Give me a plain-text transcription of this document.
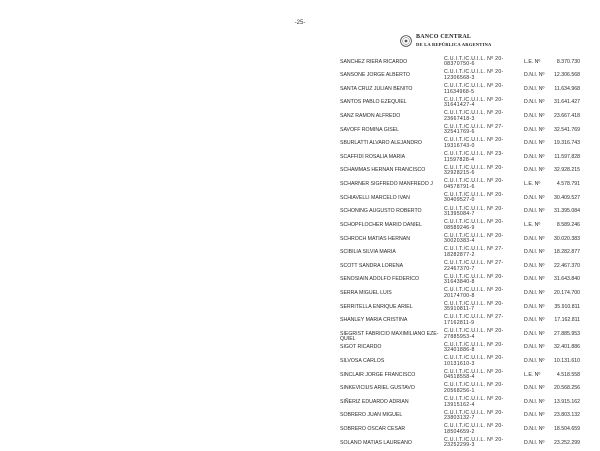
-25-
BANCO CENTRAL
DE LA REPÚBLICA ARGENTINA
SANCHEZ RIERA RICARDO	C.U.I.T./C.U.I.L. Nº 20-
08370750-6	L.E. Nº	8.370.730
SANSONE JORGE ALBERTO	C.U.I.T./C.U.I.L. Nº 20-
12306568-3	D.N.I. Nº 12.306.568
SANTA CRUZ JULIAN BENITO	C.U.I.T./C.U.I.L. Nº 20-
11634968-5	D.N.I. Nº 11.634.968
SANTOS PABLO EZEQUIEL	C.U.I.T./C.U.I.L. Nº 20-
31641427-4	D.N.I. Nº 31.641.427
SANZ RAMON ALFREDO	C.U.I.T./C.U.I.L. Nº 20-
23667418-3	D.N.I. Nº 23.667.418
SAVOFF ROMINA GISEL	C.U.I.T./C.U.I.L. Nº 27-
32541769-6	D.N.I. Nº 32.541.769
SBURLATTI ALVARO ALEJANDRO	C.U.I.T./C.U.I.L. Nº 20-
19316743-0	D.N.I. Nº 19.316.743
SCAFFIDI ROSALIA MARIA	C.U.I.T./C.U.I.L. Nº 23-
11597828-4	D.N.I. Nº 11.597.828
SCHAMMAS HERNAN FRANCISCO	C.U.I.T./C.U.I.L. Nº 20-
32928215-6	D.N.I. Nº 32.928.215
SCHARNER SIGFREDO MANFREDO J	C.U.I.T./C.U.I.L. Nº 20-
04578791-6	L.E. Nº	4.578.791
SCHIAVELLI MARCELO IVAN	C.U.I.T./C.U.I.L. Nº 20-
30409527-0	D.N.I. Nº 30.409.527
SCHONING AUGUSTO ROBERTO	C.U.I.T./C.U.I.L. Nº 20-
31395084-7	D.N.I. Nº 31.395.084
SCHOPFLOCHER MARIO DANIEL	C.U.I.T./C.U.I.L. Nº 20-
08589246-9	L.E. Nº	8.589.246
SCHROCH MATIAS HERNAN	C.U.I.T./C.U.I.L. Nº 20-
30020383-4	D.N.I. Nº 30.020.383
SCIBILIA SILVIA MARIA	C.U.I.T./C.U.I.L. Nº 27-
18282877-2	D.N.I. Nº 18.282.877
SCOTT SANDRA LORENA	C.U.I.T./C.U.I.L. Nº 27-
22467370-7	D.N.I. Nº 22.467.370
SENOSIAIN ADOLFO FEDERICO	C.U.I.T./C.U.I.L. Nº 20-
31643840-8	D.N.I. Nº 31.643.840
SERRA MIGUEL LUIS	C.U.I.T./C.U.I.L. Nº 20-
20174700-8	D.N.I. Nº 20.174.700
SERRITELLA ENRIQUE ARIEL	C.U.I.T./C.U.I.L. Nº 20-
35910811-7	D.N.I. Nº 35.910.811
SHANLEY MARIA CRISTINA	C.U.I.T./C.U.I.L. Nº 27-
17162811-9	D.N.I. Nº 17.162.811
SIEGRIST FABRICIO MAXIMILIANO EZE-QUIEL
C.U.I.T./C.U.I.L. Nº 20-
27885953-4	D.N.I. Nº 27.885.953
SIGOT RICARDO	C.U.I.T./C.U.I.L. Nº 20-
32401886-8	D.N.I. Nº 32.401.886
SILVOSA CARLOS	C.U.I.T./C.U.I.L. Nº 20-
10131610-3	D.N.I. Nº 10.131.610
SINCLAIR JORGE FRANCISCO	C.U.I.T./C.U.I.L. Nº 20-
04518558-4	L.E. Nº	4.518.558
SINKEVICIUS ARIEL GUSTAVO	C.U.I.T./C.U.I.L. Nº 20-
20568256-1	D.N.I. Nº 20.568.256
SIÑERIZ EDUARDO ADRIAN	C.U.I.T./C.U.I.L. Nº 20-
13915162-4	D.N.I. Nº 13.915.162
SOBRERO JUAN MIGUEL	C.U.I.T./C.U.I.L. Nº 20-
23803132-7	D.N.I. Nº 23.803.132
SOBRERO OSCAR CESAR	C.U.I.T./C.U.I.L. Nº 20-
18504659-2	D.N.I. Nº 18.504.659
SOLANO MATIAS LAUREANO	C.U.I.T./C.U.I.L. Nº 20-
23252299-3	D.N.I. Nº 23.252.299
